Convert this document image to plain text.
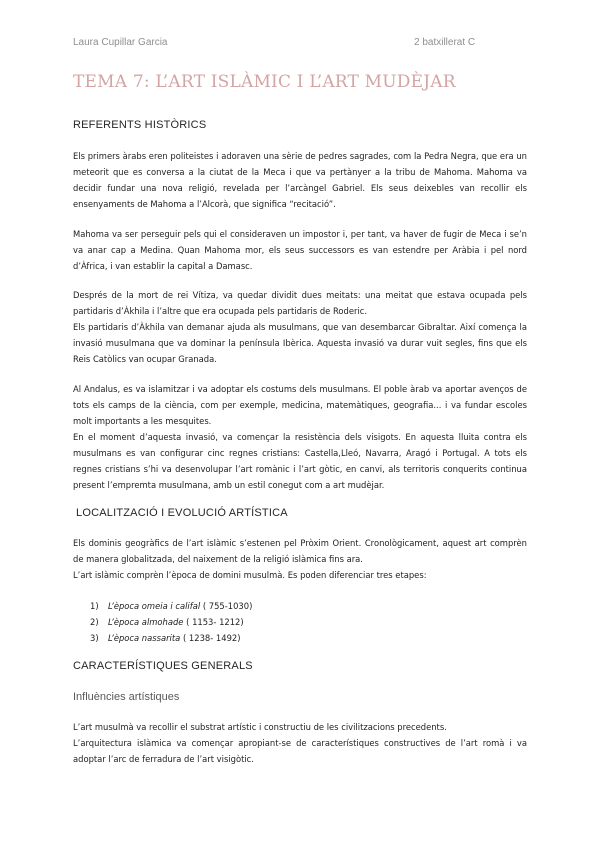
Laura Cupillar Garcia	2 batxillerat C
TEMA 7: L’ART ISLÀMIC I L’ART MUDÈJAR
REFERENTS HISTÒRICS

Els primers àrabs eren politeistes i adoraven una sèrie de pedres sagrades, com la Pedra Negra, que era un meteorit que es conversa a la ciutat de la Meca i que va pertànyer a la tribu de Mahoma. Mahoma va decidir fundar una nova religió, revelada per l’arcàngel Gabriel. Els seus deixebles van recollir els ensenyaments de Mahoma a l’Alcorà, que significa “recitació”.

Mahoma va ser perseguir pels qui el consideraven un impostor i, per tant, va haver de fugir de Meca i se’n va anar cap a Medina. Quan Mahoma mor, els seus successors es van estendre per Aràbia i pel nord d’Àfrica, i van establir la capital a Damasc.

Després de la mort de rei Vítiza, va quedar dividit dues meitats: una meitat que estava ocupada pels partidaris d’Àkhila i l’altre que era ocupada pels partidaris de Roderic.

Els partidaris d’Àkhila van demanar ajuda als musulmans, que van desembarcar Gibraltar. Així comença la invasió musulmana que va dominar la península Ibèrica. Aquesta invasió va durar vuit segles, fins que els Reis Catòlics van ocupar Granada.

Al Andalus, es va islamitzar i va adoptar els costums dels musulmans. El poble àrab va aportar avenços de tots els camps de la ciència, com per exemple, medicina, matemàtiques, geografia... i va fundar escoles molt importants a les mesquites.

En el moment d’aquesta invasió, va començar la resistència dels visigots. En aquesta lluita contra els musulmans es van configurar cinc regnes cristians: Castella,Lleó, Navarra, Aragó i Portugal. A tots els regnes cristians s’hi va desenvolupar l’art romànic i l’art gòtic, en canvi, als territoris conquerits continua present l’empremta musulmana, amb un estil conegut com a art mudèjar.

LOCALITZACIÓ I EVOLUCIÓ ARTÍSTICA

Els dominis geogràfics de l’art islàmic s’estenen pel Pròxim Orient. Cronològicament, aquest art comprèn de manera globalitzada, del naixement de la religió islàmica fins ara.

L’art islàmic comprèn l’època de domini musulmà. Es poden diferenciar tres etapes:

1) L’època omeia i califal ( 755-1030)
2) L’època almohade ( 1153- 1212)
3) L’època nassarita ( 1238- 1492)
CARACTERÍSTIQUES GENERALS
Influències artístiques

L’art musulmà va recollir el substrat artístic i constructiu de les civilitzacions precedents.

L’arquitectura islàmica va començar apropiant-se de característiques constructives de l’art romà i va adoptar l’arc de ferradura de l’art visigòtic.
